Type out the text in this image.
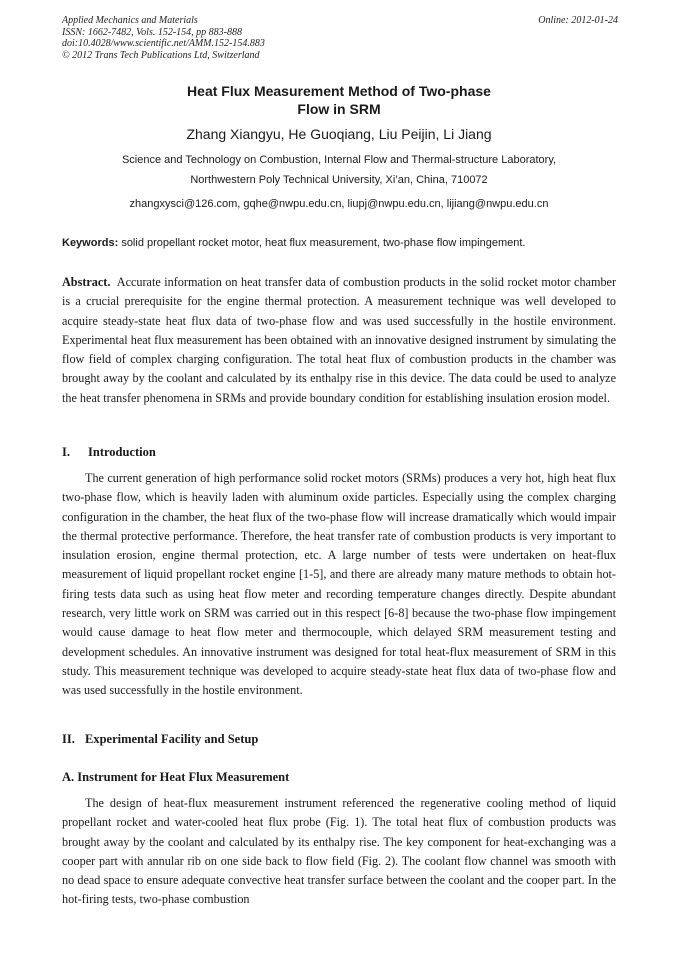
Applied Mechanics and Materials
ISSN: 1662-7482, Vols. 152-154, pp 883-888
doi:10.4028/www.scientific.net/AMM.152-154.883
© 2012 Trans Tech Publications Ltd, Switzerland
Online: 2012-01-24
Heat Flux Measurement Method of Two-phase
Flow in SRM
Zhang Xiangyu, He Guoqiang, Liu Peijin, Li Jiang
Science and Technology on Combustion, Internal Flow and Thermal-structure Laboratory,
Northwestern Poly Technical University, Xi’an, China, 710072
zhangxysci@126.com, gqhe@nwpu.edu.cn, liupj@nwpu.edu.cn, lijiang@nwpu.edu.cn
Keywords: solid propellant rocket motor, heat flux measurement, two-phase flow impingement.
Abstract. Accurate information on heat transfer data of combustion products in the solid rocket motor chamber is a crucial prerequisite for the engine thermal protection. A measurement technique was well developed to acquire steady-state heat flux data of two-phase flow and was used successfully in the hostile environment. Experimental heat flux measurement has been obtained with an innovative designed instrument by simulating the flow field of complex charging configuration. The total heat flux of combustion products in the chamber was brought away by the coolant and calculated by its enthalpy rise in this device. The data could be used to analyze the heat transfer phenomena in SRMs and provide boundary condition for establishing insulation erosion model.
I. Introduction
The current generation of high performance solid rocket motors (SRMs) produces a very hot, high heat flux two-phase flow, which is heavily laden with aluminum oxide particles. Especially using the complex charging configuration in the chamber, the heat flux of the two-phase flow will increase dramatically which would impair the thermal protective performance. Therefore, the heat transfer rate of combustion products is very important to insulation erosion, engine thermal protection, etc. A large number of tests were undertaken on heat-flux measurement of liquid propellant rocket engine [1-5], and there are already many mature methods to obtain hot-firing tests data such as using heat flow meter and recording temperature changes directly. Despite abundant research, very little work on SRM was carried out in this respect [6-8] because the two-phase flow impingement would cause damage to heat flow meter and thermocouple, which delayed SRM measurement testing and development schedules. An innovative instrument was designed for total heat-flux measurement of SRM in this study. This measurement technique was developed to acquire steady-state heat flux data of two-phase flow and was used successfully in the hostile environment.
II. Experimental Facility and Setup
A. Instrument for Heat Flux Measurement
The design of heat-flux measurement instrument referenced the regenerative cooling method of liquid propellant rocket and water-cooled heat flux probe (Fig. 1). The total heat flux of combustion products was brought away by the coolant and calculated by its enthalpy rise. The key component for heat-exchanging was a cooper part with annular rib on one side back to flow field (Fig. 2). The coolant flow channel was smooth with no dead space to ensure adequate convective heat transfer surface between the coolant and the cooper part. In the hot-firing tests, two-phase combustion
